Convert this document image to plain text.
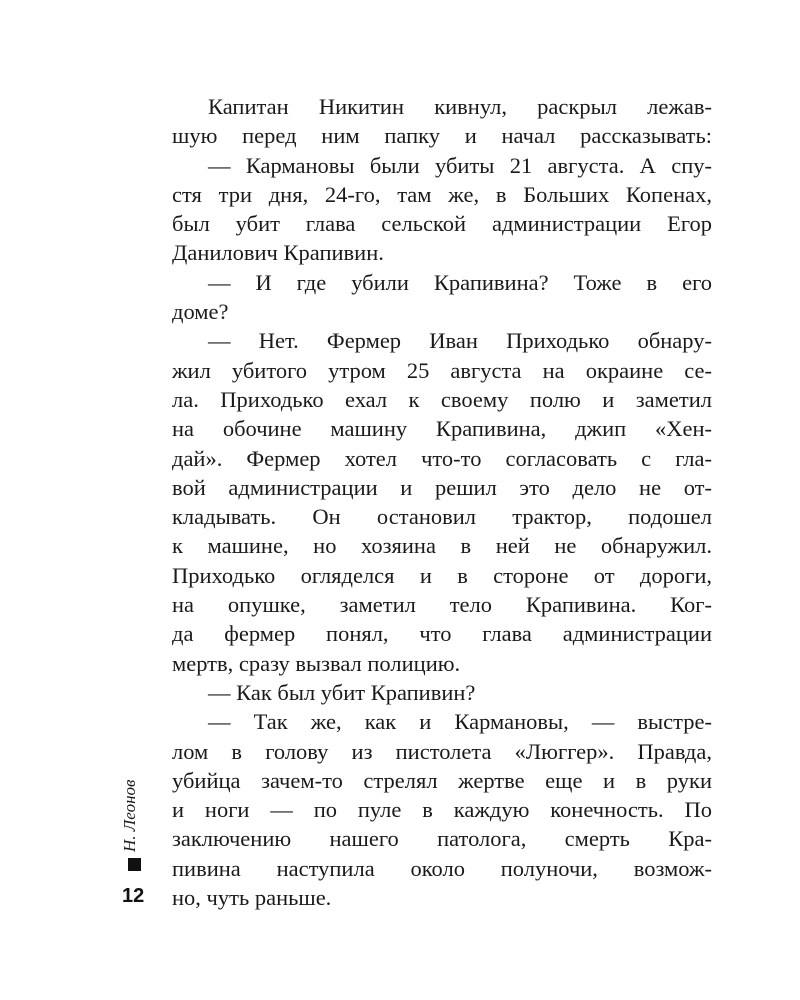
Капитан Никитин кивнул, раскрыл лежав-
шую перед ним папку и начал рассказывать:
— Кармановы были убиты 21 августа. А спу-
стя три дня, 24-го, там же, в Больших Копенах,
был убит глава сельской администрации Егор
Данилович Крапивин.
— И где убили Крапивина? Тоже в его
доме?
— Нет. Фермер Иван Приходько обнару-
жил убитого утром 25 августа на окраине се-
ла. Приходько ехал к своему полю и заметил
на обочине машину Крапивина, джип «Хен-
дай». Фермер хотел что-то согласовать с гла-
вой администрации и решил это дело не от-
кладывать. Он остановил трактор, подошел
к машине, но хозяина в ней не обнаружил.
Приходько огляделся и в стороне от дороги,
на опушке, заметил тело Крапивина. Ког-
да фермер понял, что глава администрации
мертв, сразу вызвал полицию.
— Как был убит Крапивин?
— Так же, как и Кармановы, — выстре-
лом в голову из пистолета «Люггер». Правда,
убийца зачем-то стрелял жертве еще и в руки
и ноги — по пуле в каждую конечность. По
заключению нашего патолога, смерть Кра-
пивина наступила около полуночи, возмож-
но, чуть раньше.
Н. Леонов
12
